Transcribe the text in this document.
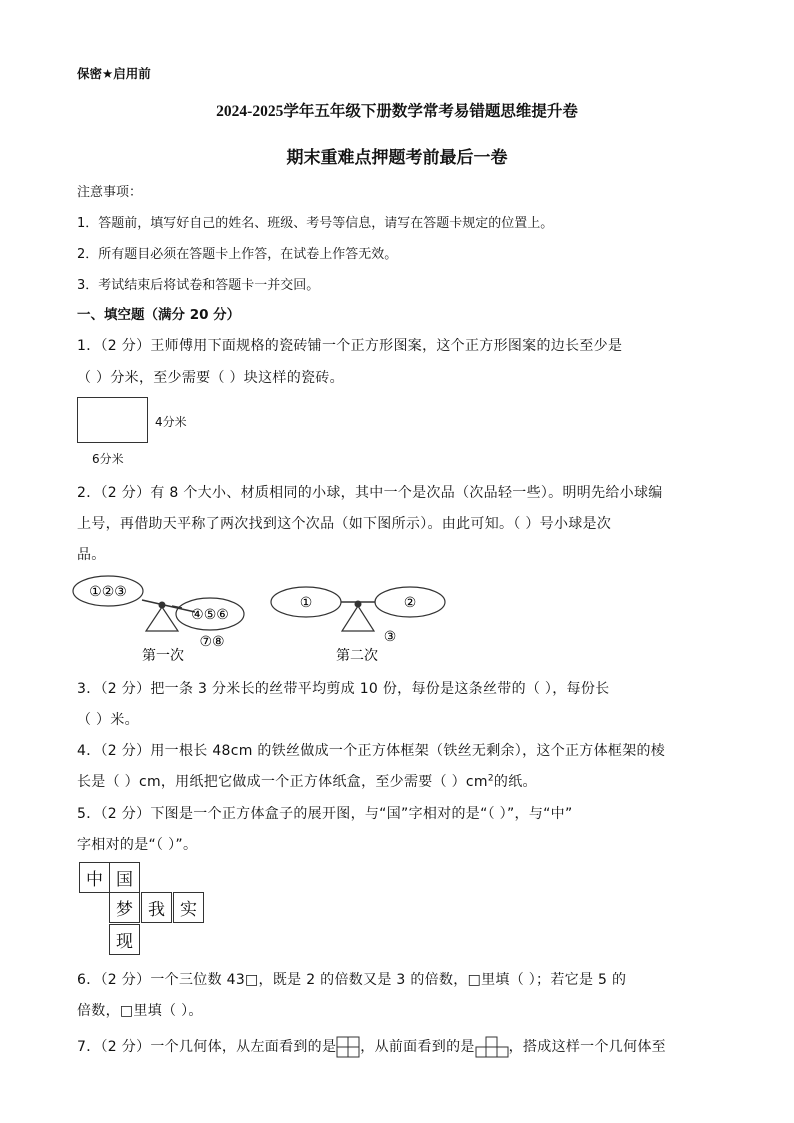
保密★启用前
2024-2025学年五年级下册数学常考易错题思维提升卷
期末重难点押题考前最后一卷
注意事项：
1．答题前，填写好自己的姓名、班级、考号等信息，请写在答题卡规定的位置上。
2．所有题目必须在答题卡上作答，在试卷上作答无效。
3．考试结束后将试卷和答题卡一并交回。
一、填空题（满分 20 分）
1．（2 分）王师傅用下面规格的瓷砖铺一个正方形图案，这个正方形图案的边长至少是
（ ）分米，至少需要（ ）块这样的瓷砖。
4分米
6分米
2．（2 分）有 8 个大小、材质相同的小球，其中一个是次品（次品轻一些）。明明先给小球编
上号，再借助天平称了两次找到这个次品（如下图所示）。由此可知。（ ）号小球是次
品。
①②③
④⑤⑥
⑦⑧
第一次
①	②
③
第二次
3．（2 分）把一条 3 分米长的丝带平均剪成 10 份，每份是这条丝带的（ ），每份长
（ ）米。
4．（2 分）用一根长 48cm 的铁丝做成一个正方体框架（铁丝无剩余），这个正方体框架的棱
长是（ ）cm，用纸把它做成一个正方体纸盒，至少需要（ ）$cm^2$的纸。
5．（2 分）下图是一个正方体盒子的展开图，与“国”字相对的是“（ ）”，与“中”
字相对的是“（ ）”。
中 国
梦 我 实
现
6．（2 分）一个三位数 43□，既是 2 的倍数又是 3 的倍数，□里填（ ）；若它是 5 的
倍数，□里填（ ）。
7．（2 分）一个几何体，从左面看到的是 ，从前面看到的是 ，搭成这样一个几何体至
